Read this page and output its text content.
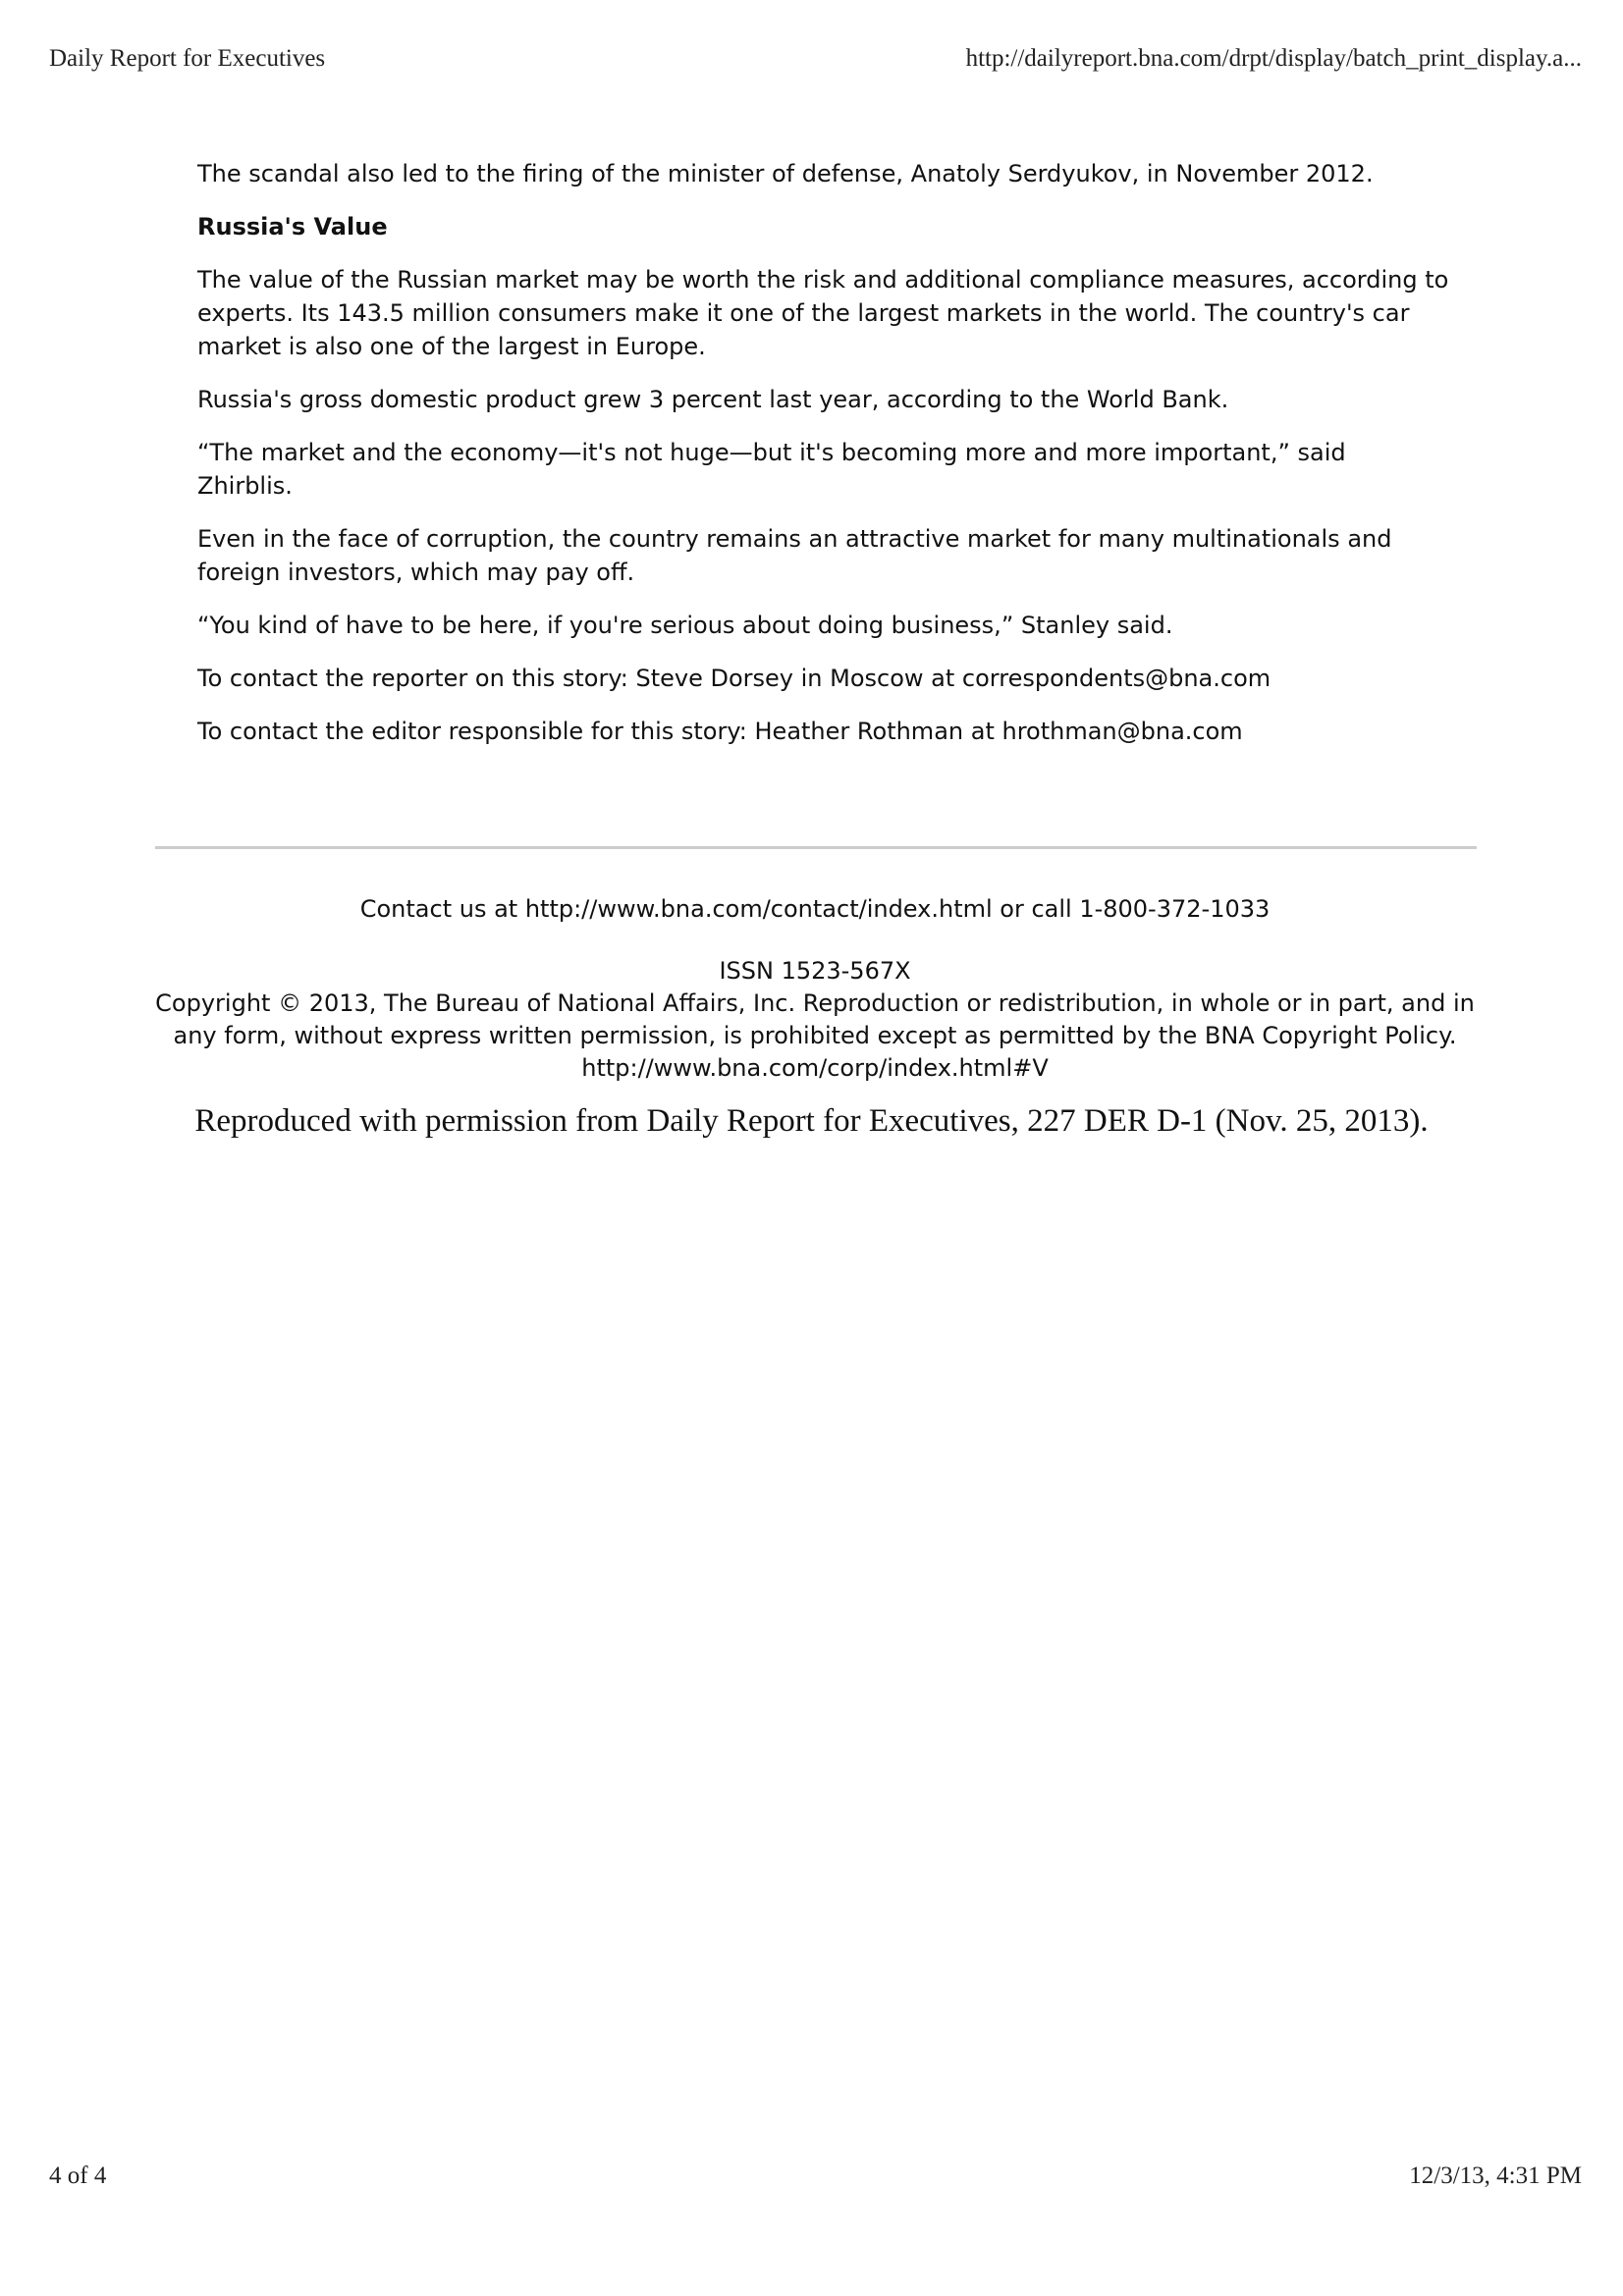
Daily Report for Executives	http://dailyreport.bna.com/drpt/display/batch_print_display.a...

The scandal also led to the firing of the minister of defense, Anatoly Serdyukov, in November 2012.

Russia's Value

The value of the Russian market may be worth the risk and additional compliance measures, according to experts. Its 143.5 million consumers make it one of the largest markets in the world. The country's car market is also one of the largest in Europe.

Russia's gross domestic product grew 3 percent last year, according to the World Bank.

“The market and the economy—it's not huge—but it's becoming more and more important,” said Zhirblis.

Even in the face of corruption, the country remains an attractive market for many multinationals and foreign investors, which may pay off.

“You kind of have to be here, if you're serious about doing business,” Stanley said.

To contact the reporter on this story: Steve Dorsey in Moscow at correspondents@bna.com

To contact the editor responsible for this story: Heather Rothman at hrothman@bna.com

Contact us at http://www.bna.com/contact/index.html or call 1-800-372-1033

ISSN 1523-567X

Copyright © 2013, The Bureau of National Affairs, Inc. Reproduction or redistribution, in whole or in part, and in any form, without express written permission, is prohibited except as permitted by the BNA Copyright Policy. http://www.bna.com/corp/index.html#V

Reproduced with permission from Daily Report for Executives, 227 DER D-1 (Nov. 25, 2013).
4 of 4	12/3/13, 4:31 PM
